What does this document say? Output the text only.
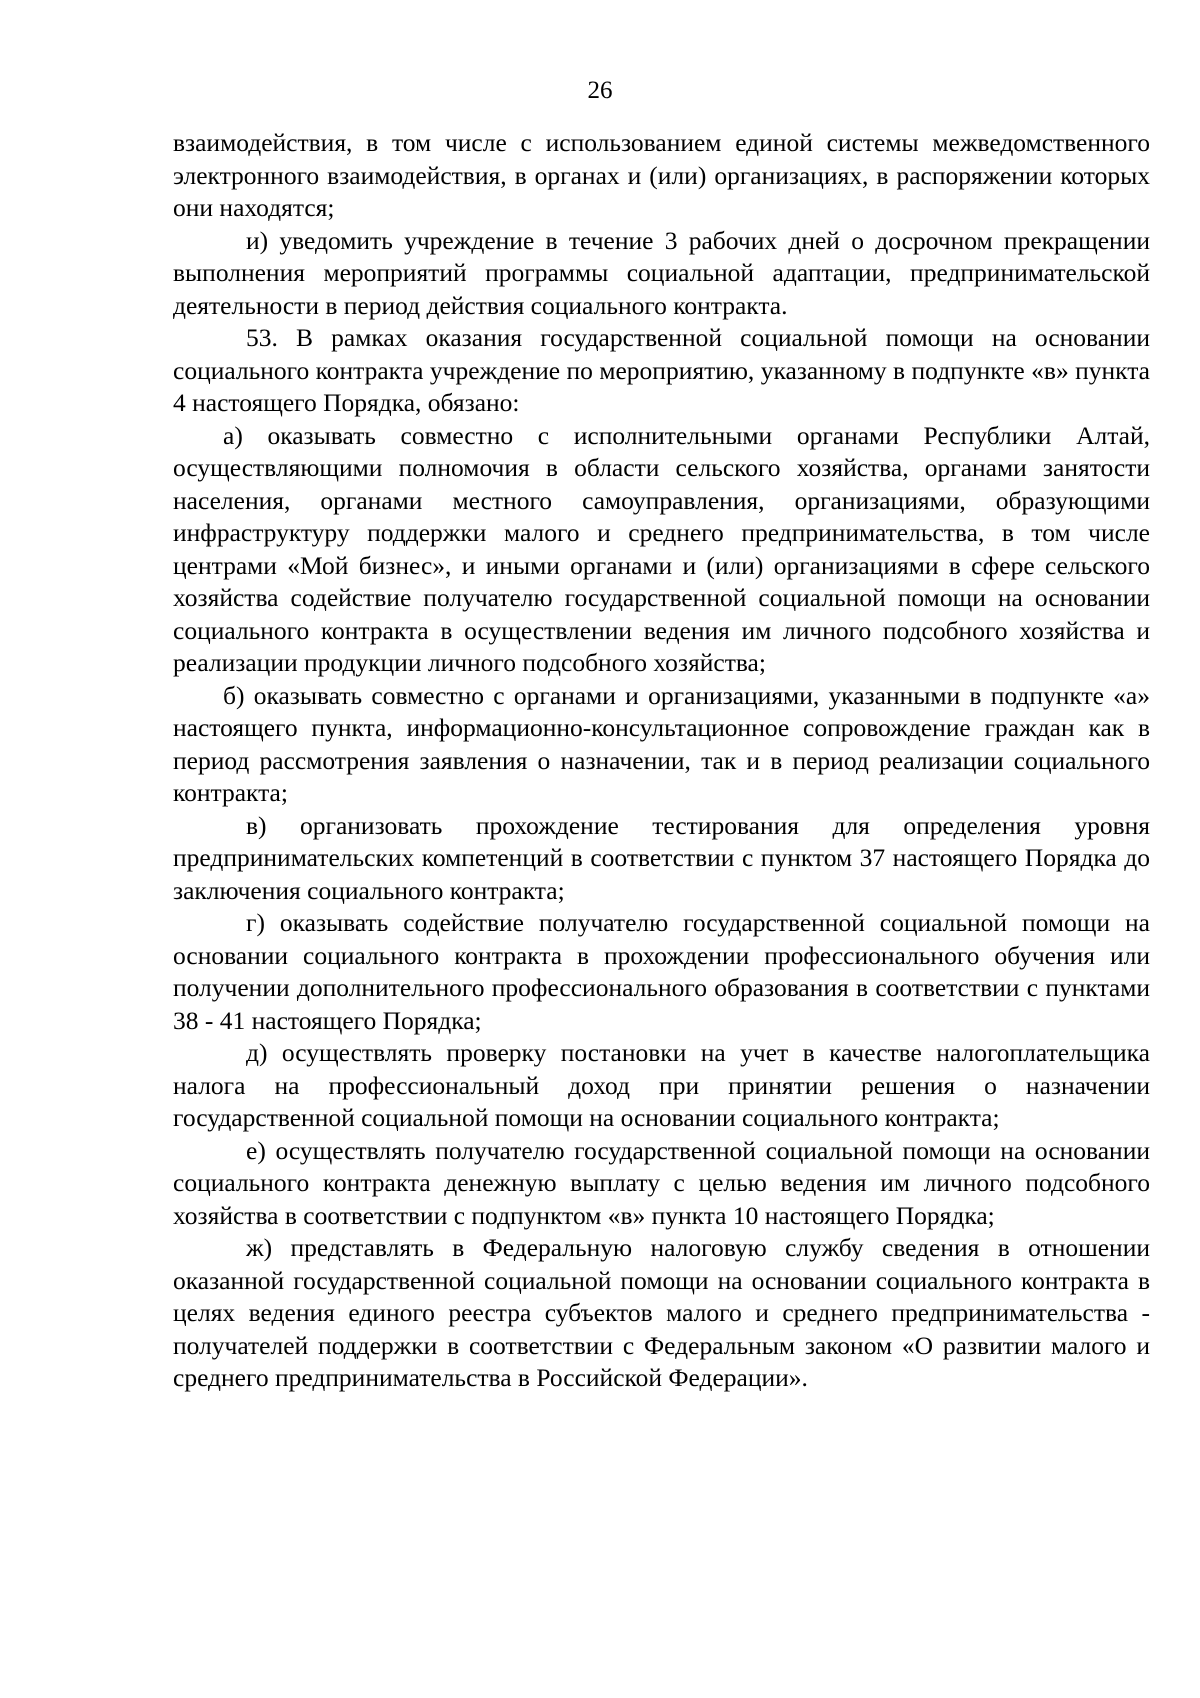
26

взаимодействия, в том числе с использованием единой системы межведомственного электронного взаимодействия, в органах и (или) организациях, в распоряжении которых они находятся;

и) уведомить учреждение в течение 3 рабочих дней о досрочном прекращении выполнения мероприятий программы социальной адаптации, предпринимательской деятельности в период действия социального контракта.

53. В рамках оказания государственной социальной помощи на основании социального контракта учреждение по мероприятию, указанному в подпункте «в» пункта 4 настоящего Порядка, обязано:

а) оказывать совместно с исполнительными органами Республики Алтай, осуществляющими полномочия в области сельского хозяйства, органами занятости населения, органами местного самоуправления, организациями, образующими инфраструктуру поддержки малого и среднего предпринимательства, в том числе центрами «Мой бизнес», и иными органами и (или) организациями в сфере сельского хозяйства содействие получателю государственной социальной помощи на основании социального контракта в осуществлении ведения им личного подсобного хозяйства и реализации продукции личного подсобного хозяйства;

б) оказывать совместно с органами и организациями, указанными в подпункте «а» настоящего пункта, информационно-консультационное сопровождение граждан как в период рассмотрения заявления о назначении, так и в период реализации социального контракта;

в) организовать прохождение тестирования для определения уровня предпринимательских компетенций в соответствии с пунктом 37 настоящего Порядка до заключения социального контракта;

г) оказывать содействие получателю государственной социальной помощи на основании социального контракта в прохождении профессионального обучения или получении дополнительного профессионального образования в соответствии с пунктами 38 - 41 настоящего Порядка;

д) осуществлять проверку постановки на учет в качестве налогоплательщика налога на профессиональный доход при принятии решения о назначении государственной социальной помощи на основании социального контракта;

е) осуществлять получателю государственной социальной помощи на основании социального контракта денежную выплату с целью ведения им личного подсобного хозяйства в соответствии с подпунктом «в» пункта 10 настоящего Порядка;

ж) представлять в Федеральную налоговую службу сведения в отношении оказанной государственной социальной помощи на основании социального контракта в целях ведения единого реестра субъектов малого и среднего предпринимательства - получателей поддержки в соответствии с Федеральным законом «О развитии малого и среднего предпринимательства в Российской Федерации».
